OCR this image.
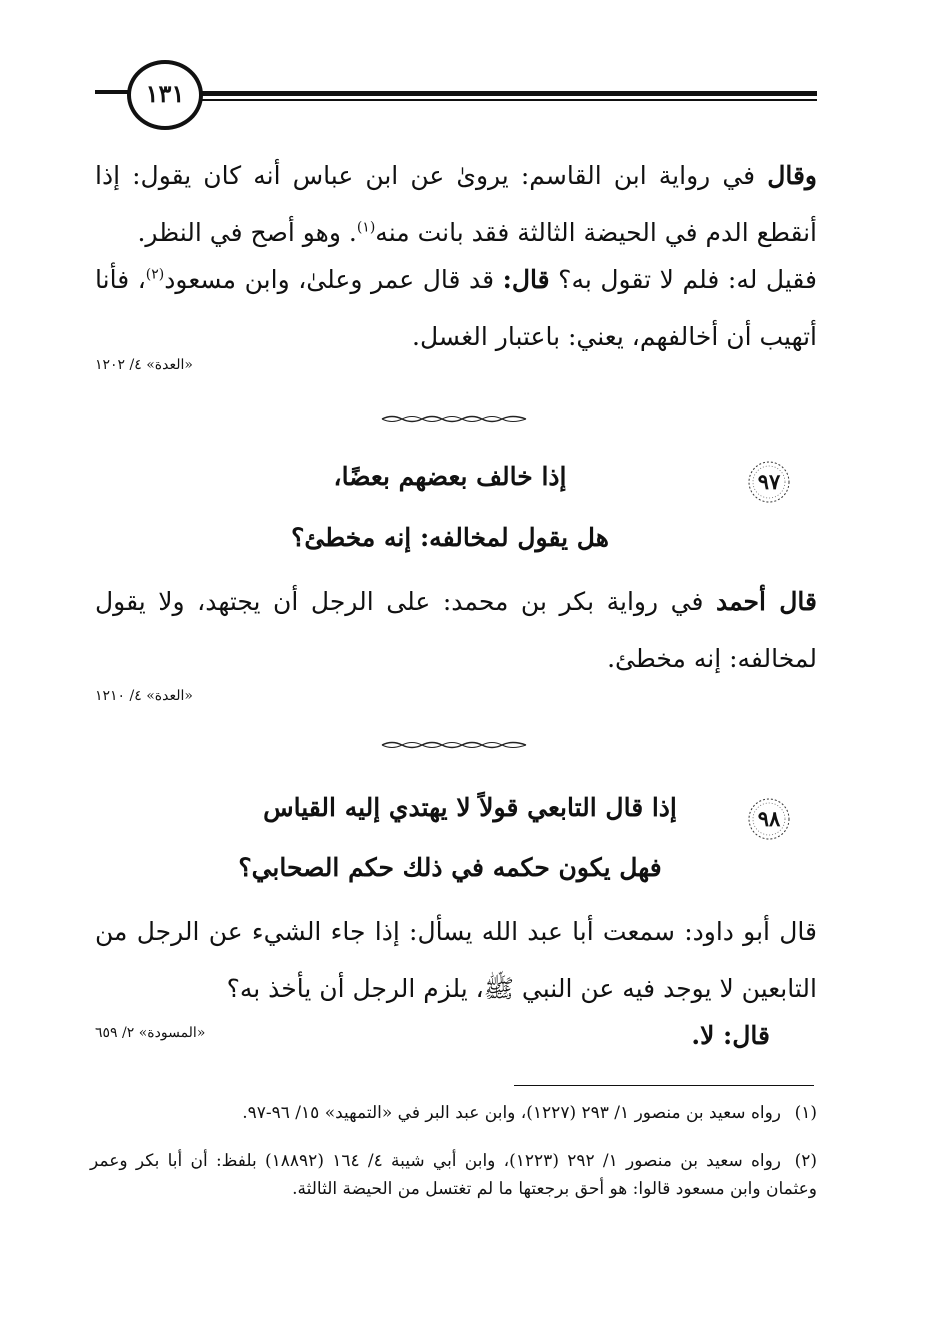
١٣١
وقال في رواية ابن القاسم: يروىٰ عن ابن عباس أنه كان يقول: إذا أنقطع الدم في الحيضة الثالثة فقد بانت منه$^{(١)}$. وهو أصح في النظر.
فقيل له: فلم لا تقول به؟ قال: قد قال عمر وعلىٰ، وابن مسعود$^{(٢)}$، فأنا أتهيب أن أخالفهم، يعني: باعتبار الغسل.
«العدة» ٤/ ١٢٠٢
٩٧
إذا خالف بعضهم بعضًا،
هل يقول لمخالفه: إنه مخطئ؟
قال أحمد في رواية بكر بن محمد: على الرجل أن يجتهد، ولا يقول لمخالفه: إنه مخطئ.
«العدة» ٤/ ١٢١٠
٩٨
إذا قال التابعي قولاً لا يهتدي إليه القياس
فهل يكون حكمه في ذلك حكم الصحابي؟
قال أبو داود: سمعت أبا عبد الله يسأل: إذا جاء الشيء عن الرجل من التابعين لا يوجد فيه عن النبي ﷺ، يلزم الرجل أن يأخذ به؟
قال: لا.
«المسودة» ٢/ ٦٥٩
(١)رواه سعيد بن منصور ١/ ٢٩٣ (١٢٢٧)، وابن عبد البر في «التمهيد» ١٥/ ٩٦-٩٧.
(٢)رواه سعيد بن منصور ١/ ٢٩٢ (١٢٢٣)، وابن أبي شيبة ٤/ ١٦٤ (١٨٨٩٢) بلفظ: أن أبا بكر وعمر وعثمان وابن مسعود قالوا: هو أحق برجعتها ما لم تغتسل من الحيضة الثالثة.
